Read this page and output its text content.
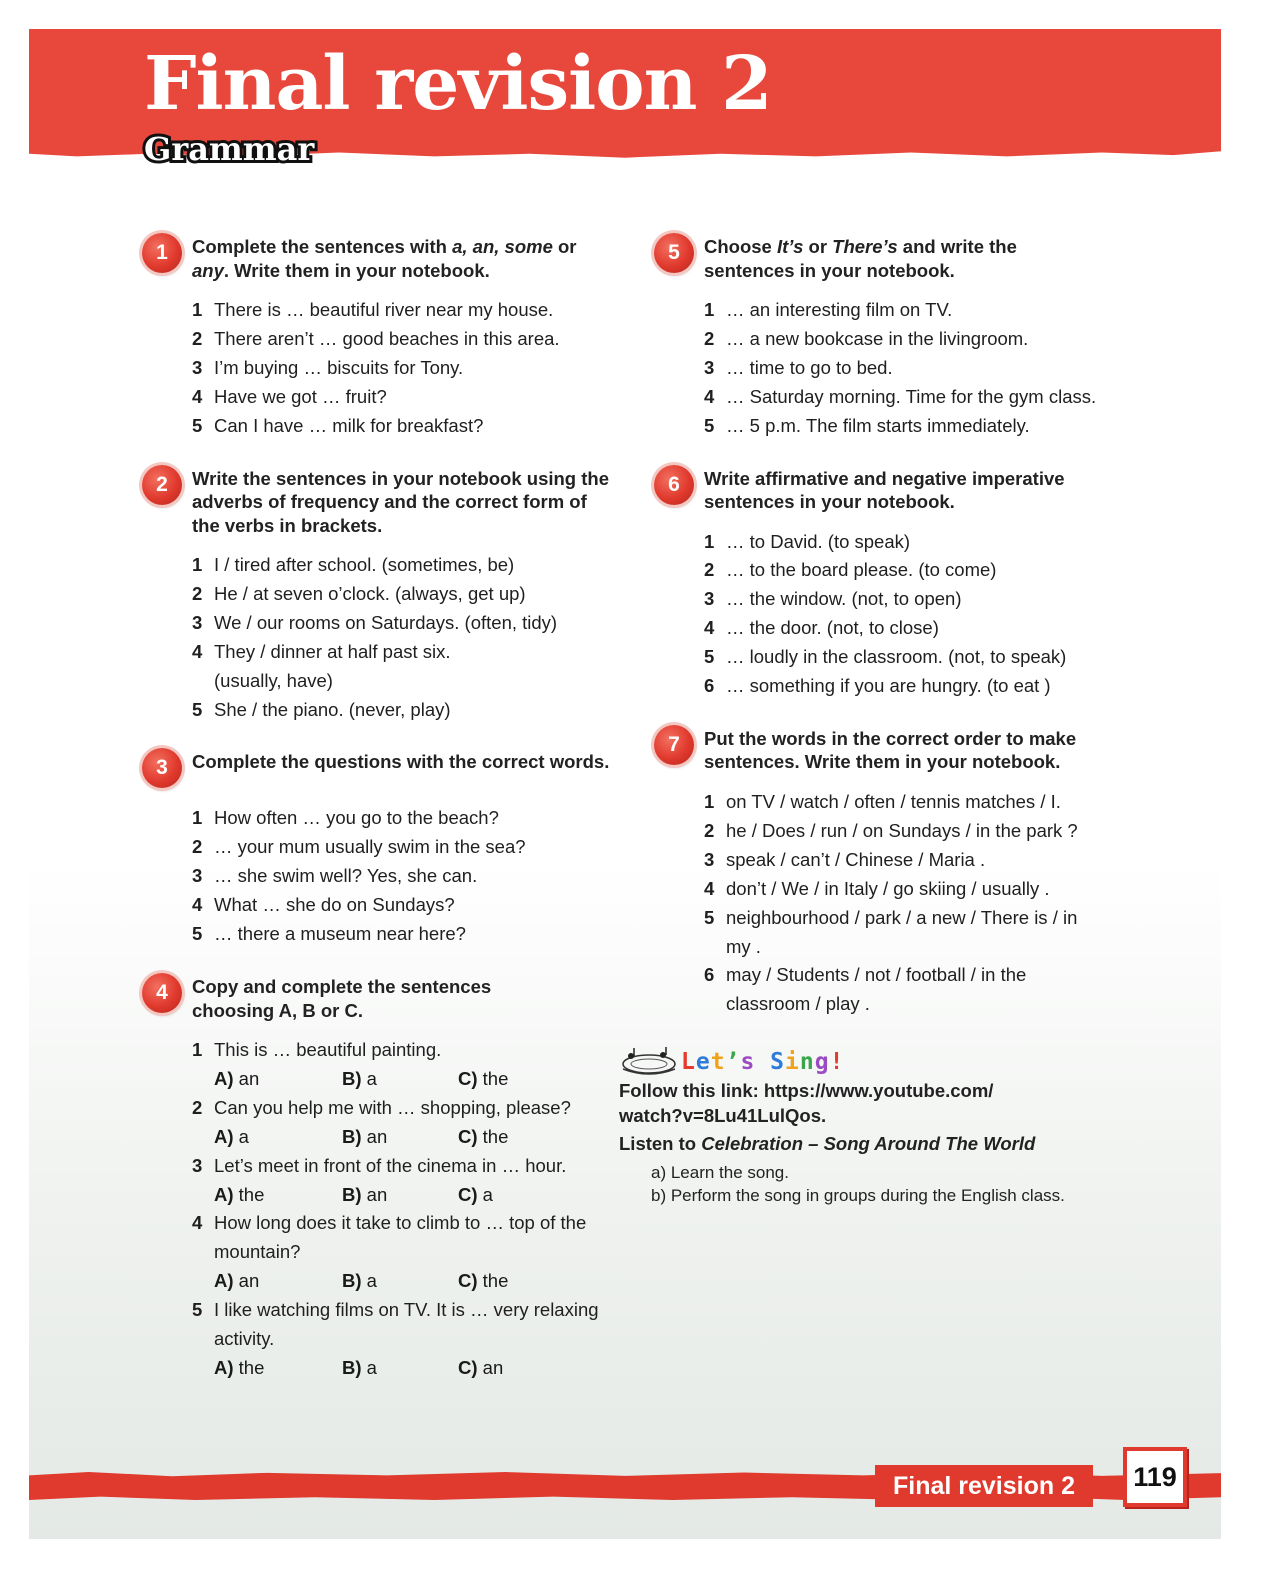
Final revision 2
Grammar
1	Complete the sentences with a, an, some or any. Write them in your notebook.
1 There is … beautiful river near my house.
2 There aren’t … good beaches in this area.
3 I’m buying … biscuits for Tony.
4 Have we got … fruit?
5 Can I have … milk for breakfast?
2	Write the sentences in your notebook using the adverbs of frequency and the correct form of the verbs in brackets.
1 I / tired after school. (sometimes, be)
2 He / at seven o’clock. (always, get up)
3 We / our rooms on Saturdays. (often, tidy)
4 They / dinner at half past six. (usually, have)
5 She / the piano. (never, play)
3	Complete the questions with the correct words.
1 How often … you go to the beach?
2 … your mum usually swim in the sea?
3 … she swim well? Yes, she can.
4 What … she do on Sundays?
5 … there a museum near here?
4	Copy and complete the sentences choosing A, B or C.
1 This is … beautiful painting.
A) an	B) a	C) the
2 Can you help me with … shopping, please?
A) a	B) an	C) the
3 Let’s meet in front of the cinema in … hour.
A) the	B) an	C) a
4 How long does it take to climb to … top of the mountain?
A) an	B) a	C) the
5 I like watching films on TV. It is … very relaxing activity.
A) the	B) a	C) an
5	Choose It’s or There’s and write the sentences in your notebook.
1 … an interesting film on TV.
2 … a new bookcase in the livingroom.
3 … time to go to bed.
4 … Saturday morning. Time for the gym class.
5 … 5 p.m. The film starts immediately.
6	Write affirmative and negative imperative sentences in your notebook.
1 … to David. (to speak)
2 … to the board please. (to come)
3 … the window. (not, to open)
4 … the door. (not, to close)
5 … loudly in the classroom. (not, to speak)
6 … something if you are hungry. (to eat )
7	Put the words in the correct order to make sentences. Write them in your notebook.
1 on TV / watch / often / tennis matches / I.
2 he / Does / run / on Sundays / in the park ?
3 speak / can’t / Chinese / Maria .
4 don’t / We / in Italy / go skiing / usually .
5 neighbourhood / park / a new / There is / in my .
6 may / Students / not / football / in the classroom / play .
Let’s Sing!
Follow this link: https://www.youtube.com/
watch?v=8Lu41LulQos.
Listen to Celebration – Song Around The World
a) Learn the song.
b) Perform the song in groups during the English class.
Final revision 2	119
